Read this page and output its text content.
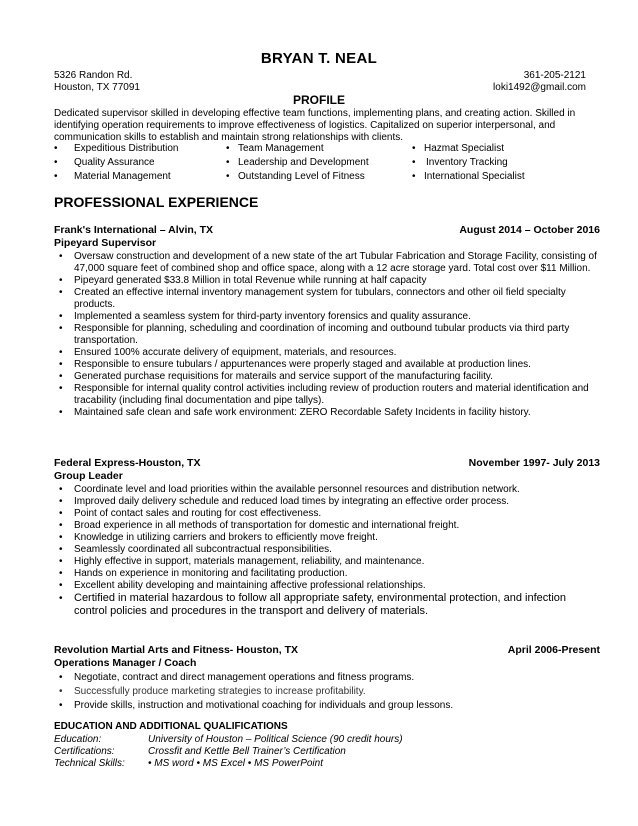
BRYAN T. NEAL
5326 Randon Rd.
Houston, TX 77091
361-205-2121
loki1492@gmail.com
PROFILE
Dedicated supervisor skilled in developing effective team functions, implementing plans, and creating action. Skilled in identifying operation requirements to improve effectiveness of logistics. Capitalized on superior interpersonal, and communication skills to establish and maintain strong relationships with clients.
• Expeditious Distribution
• Quality Assurance
• Material Management
• Team Management
• Leadership and Development
• Outstanding Level of Fitness
• Hazmat Specialist
• Inventory Tracking
• International Specialist
PROFESSIONAL EXPERIENCE
Frank's International – Alvin, TX	August 2014 – October 2016
Pipeyard Supervisor
• Oversaw construction and development of a new state of the art Tubular Fabrication and Storage Facility, consisting of 47,000 square feet of combined shop and office space, along with a 12 acre storage yard. Total cost over $11 Million.
• Pipeyard generated $33.8 Million in total Revenue while running at half capacity
• Created an effective internal inventory management system for tubulars, connectors and other oil field specialty products.
• Implemented a seamless system for third-party inventory forensics and quality assurance.
• Responsible for planning, scheduling and coordination of incoming and outbound tubular products via third party transportation.
• Ensured 100% accurate delivery of equipment, materials, and resources.
• Responsible to ensure tubulars / appurtenances were properly staged and available at production lines.
• Generated purchase requisitions for materails and service support of the manufacturing facility.
• Responsible for internal quality control activities including review of production routers and material identification and tracability (including final documentation and pipe tallys).
• Maintained safe clean and safe work environment: ZERO Recordable Safety Incidents in facility history.
Federal Express-Houston, TX	November 1997- July 2013
Group Leader
• Coordinate level and load priorities within the available personnel resources and distribution network.
• Improved daily delivery schedule and reduced load times by integrating an effective order process.
• Point of contact sales and routing for cost effectiveness.
• Broad experience in all methods of transportation for domestic and international freight.
• Knowledge in utilizing carriers and brokers to efficiently move freight.
• Seamlessly coordinated all subcontractual responsibilities.
• Highly effective in support, materials management, reliability, and maintenance.
• Hands on experience in monitoring and facilitating production.
• Excellent ability developing and maintaining affective professional relationships.
• Certified in material hazardous to follow all appropriate safety, environmental protection, and infection control policies and procedures in the transport and delivery of materials.
Revolution Martial Arts and Fitness- Houston, TX	April 2006-Present
Operations Manager / Coach
• Negotiate, contract and direct management operations and fitness programs.
• Successfully produce marketing strategies to increase profitability.
• Provide skills, instruction and motivational coaching for individuals and group lessons.
EDUCATION AND ADDITIONAL QUALIFICATIONS
Education:	University of Houston – Political Science (90 credit hours)
Certifications:	Crossfit and Kettle Bell Trainer’s Certification
Technical Skills: • MS word • MS Excel • MS PowerPoint
